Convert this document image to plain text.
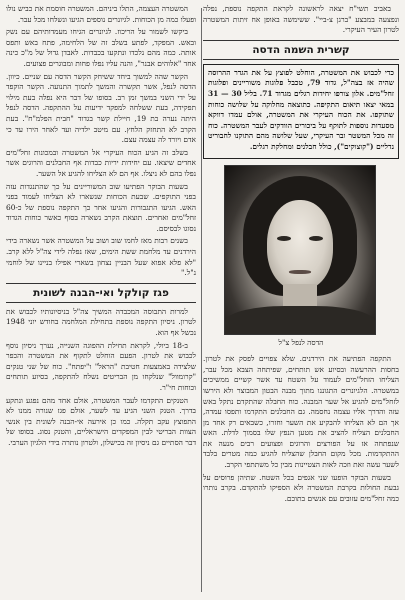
באביב תשי"ח יצאה לראשונה לקראת התקפה נוספת, נפלה ונפצעה במבצע "ברגן צ-ביי". ששימשה באופן אח זיתות המשטרה לטרון העיר העיקרי.

קשרית השמה הדסה

כדי לכבוש את המשטרה, הוחלט לפוצץ על את הגדר ההרוסה שהיה אז בצה"ל, גדוד 79, טכבל פלוגות משוריינים ופלוגות זחל"מים. אלון צורפו יחידות רגלים מגדוד 71. בליל 30 — 31 במאי יצאו תיאום התקיפה. כתוצאה מחלוקה על שלושה כוחות שתוקפו. את הכוח העיקרי את המשטרה, אולם עמדו דווקא מסעדות נוספות לתוקף על ביכורים הוודקים לעבר המשטרה. כוח זה מכל המשטר ובר העיקרי, שעל שלושה מהם התוקנו לחבוריט נדליים ("קוצוקים"), כולל חבלנים ומחלקת רגלים.

הדסה לנפל צ"ל

התקפה הפתיעה את הירדנים. שלא צפויים לפסק את לטרון. בחסות ההרעשה ובסיוע אש תותחים, שפיתחה הצבא מכל עבר, הצליחו הזחל"מים לעמוד על השטח עד אשר קשיים ממשיכים במשטרה. הלגיונרים התגוננו מתוך מבנה הבטון המבוצר ולא הירשו לזחל"מים להגיע אל שער המבנה. כוח החבלה שהתקדם נתקל באש עזה והדרך אליו עצמה נחסמה. גם החבלנים התקדמו ותפסו עמדה, אך הם לא הצליחו להבקיע את השער וחזרו, כשבאים רק אחד מן החבלנים הצליח להציב את מטען הנפץ שלו בסמוך לדלת. האש שנפתחה אז על הפורצים והרוגים ופצועים רבים מנעה את ההתקדמות. מכל מקום החבלן שהצליח להגיע כמה מטרים בלבד לשער עשה זאת וזכה לאות הצטיינות מבין כל משתתפי הקרב.

בשעות הבוקר הופעו שני אגפים בכל השטח. שתיהן פרוסים על גבעת החולות בקרבת המשטרה ולא הספיקו להתקדם. בקרב נותרו כמה זחל"מים עזובים עם אנשים בתוכם.

המשטרה העצמה, התלו ביניהם. המשטרה חוסמת את כביש נולו ופעלו כמה מן הכוחות. לגיונרים נוספים הגיעו ונשלחו מכל עבר.

ביקשו לשמור על הריכוז. לגיונרים הגיחו מעמדותיהם עם נשק ובאש. המפקד, לפתע בשלב זה של הלחימה, פתח באש ותפס אותה. כמה מהם נלכדו ונתקעו בכבדות. לאבדן גדול של מ"כ כינה אחד "אלוהים אבנר", והנה עליו נפלו פחות ומבוגרים פצועים.

הקשר שהה למשוך ביחד ששיחק הקשר הדסה עם שניים. כיוון. הדסה לנפל, אשר תקשרה והמשך לתמוך התנועה. הקשר הוקפד על ידי השני במשך זמן רב. בסופו של דבר היא נפלה בעת מילוי תפקידה, בעת ששלחה למפקד ידיעות על ההתקפה. הדסה לנפל היתה נערה בת 19, חיילת קשר בגדוד "חבית הפלמ"ח". בעת הקרב לא התחזק הלחץ. עם מיטב ילדיה ועד לאחר הירו עד כי אדם ויורד לה עצמה עצם.

בשלב זה הגיע הכוח העיקרי אל המשטרה ובמכונות זחל"מים אחדים שיצאו. עם יחידות יריות כבדות אף החבלנים והרוגים אשר נפלו בהם לא ניצלו. אף הם לא הצליחו להגיע אל השער.

בשעות הבוקר הפתיעו שוב המשוריינים על כך שהתנגדות עזה בפני התוקפים. שבעת הכוחות שנשארו לא הצליחו לעמוד בפני האש. הגיעו התגבורות והגיעו אחר כך התקפה נוספת של כ-60 זחל"מים ואחרים. תוצאת הקרב נשארה בסוף כאשר כוחות הגדוד נסוגו לבסיסם.

בשנים רבות מאז לחמו שוב ושוב על המשטרה אשר נשארה בידי הירדנים עד מלחמת ששת הימים, שאז נפלה לידי צה"ל ללא קרב. "לא פלא אפוא שעל הבניין נצחון בשארי אפילו בניינו של לוחמי נ"ל."

פגז קולקל ואי-הבנה לשונית

למרות התבוסה המכבדה המשיך צה"ל בניסיונותיו לכבוש את לטרון. ניסיון התקפה נוספת בתחילת המלחמה בחודש יוני 1948 נכשל אף הוא.

ב-18 ביולי, לקראת תחילת ההפוגה השנייה, נערך ניסיון נוסף לכבוש את לטרון. הפעם הוחלט לתקוף את המשטרה והכפר שלצידה באמצעות חטיבת "הראל" ו"יפתח". כוח של שני טנקים "קרומוול" שנלקחו מן הבריטים נשלח להתקפה, בסיוע תותחים וכוחות חי"ר.

הטנקים התקדמו לעבר המשטרה, אולם אחד מהם נפגע ונתקע בדרך. הטנק השני הגיע עד לשער, אולם פגז שנורה ממנו לא התפוצץ עקב תקלה. כמו כן אירעה אי-הבנה לשונית בין אנשי הצוות הבריטי לבין המפקדים הישראליים, והטנק נסוג. בסופו של דבר הסתיים גם ניסיון זה בכישלון, ולטרון נותרה בידי הלגיון הערבי.
